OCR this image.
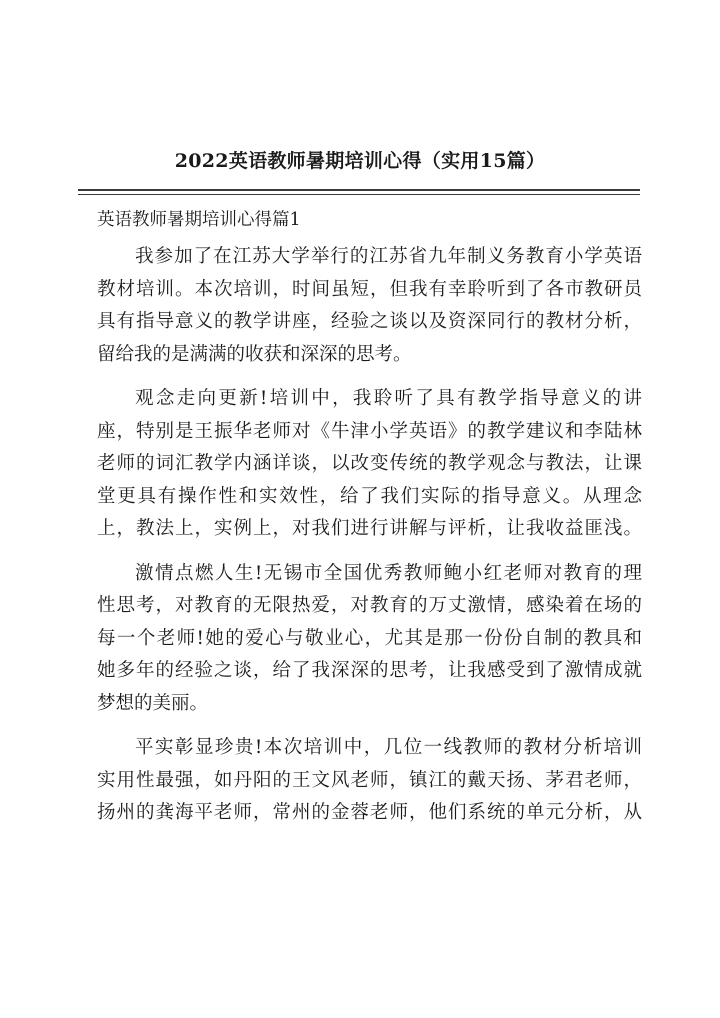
2022英语教师暑期培训心得（实用15篇）
英语教师暑期培训心得篇1
我参加了在江苏大学举行的江苏省九年制义务教育小学英语
教材培训。本次培训，时间虽短，但我有幸聆听到了各市教研员
具有指导意义的教学讲座，经验之谈以及资深同行的教材分析，
留给我的是满满的收获和深深的思考。
观念走向更新!培训中，我聆听了具有教学指导意义的讲
座，特别是王振华老师对《牛津小学英语》的教学建议和李陆林
老师的词汇教学内涵详谈，以改变传统的教学观念与教法，让课
堂更具有操作性和实效性，给了我们实际的指导意义。从理念
上，教法上，实例上，对我们进行讲解与评析，让我收益匪浅。
激情点燃人生!无锡市全国优秀教师鲍小红老师对教育的理
性思考，对教育的无限热爱，对教育的万丈激情，感染着在场的
每一个老师!她的爱心与敬业心，尤其是那一份份自制的教具和
她多年的经验之谈，给了我深深的思考，让我感受到了激情成就
梦想的美丽。
平实彰显珍贵!本次培训中，几位一线教师的教材分析培训
实用性最强，如丹阳的王文风老师，镇江的戴天扬、茅君老师，
扬州的龚海平老师，常州的金蓉老师，他们系统的单元分析，从
